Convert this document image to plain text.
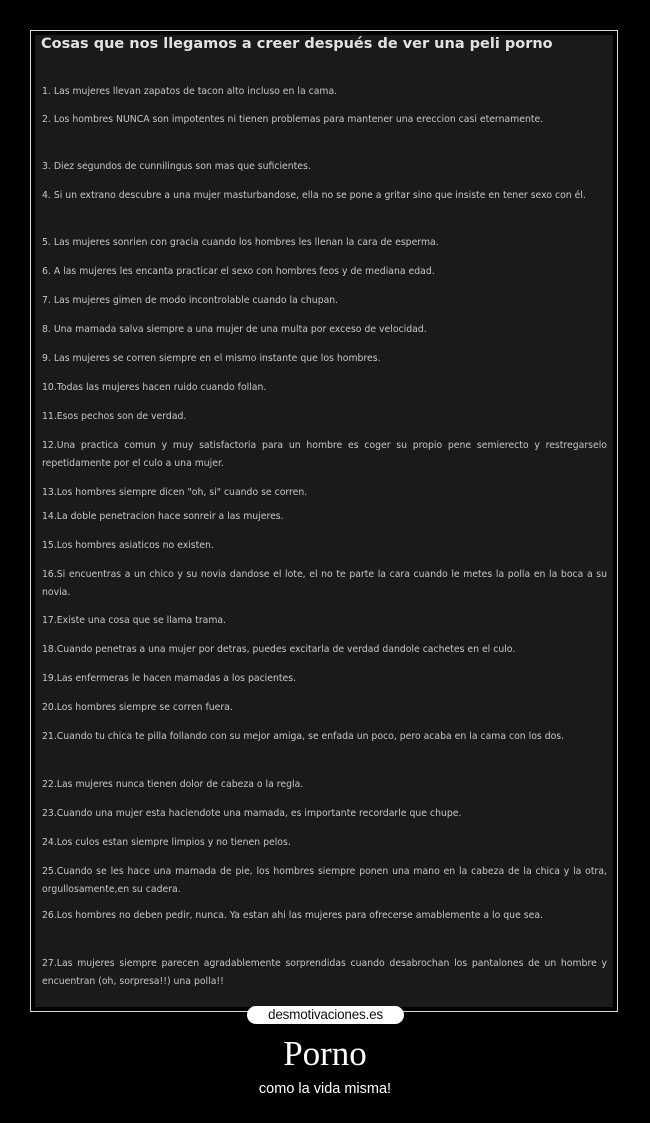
Cosas que nos llegamos a creer después de ver una peli porno
1. Las mujeres llevan zapatos de tacon alto incluso en la cama.
2. Los hombres NUNCA son impotentes ni tienen problemas para mantener una ereccion casi eternamente.
3. Diez segundos de cunnilingus son mas que suficientes.
4. Si un extrano descubre a una mujer masturbandose, ella no se pone a gritar sino que insiste en tener sexo con él.
5. Las mujeres sonrien con gracia cuando los hombres les llenan la cara de esperma.
6. A las mujeres les encanta practicar el sexo con hombres feos y de mediana edad.
7. Las mujeres gimen de modo incontrolable cuando la chupan.
8. Una mamada salva siempre a una mujer de una multa por exceso de velocidad.
9. Las mujeres se corren siempre en el mismo instante que los hombres.
10.Todas las mujeres hacen ruido cuando follan.
11.Esos pechos son de verdad.
12.Una practica comun y muy satisfactoria para un hombre es coger su propio pene semierecto y restregarselo repetidamente por el culo a una mujer.
13.Los hombres siempre dicen "oh, si" cuando se corren.
14.La doble penetracion hace sonreir a las mujeres.
15.Los hombres asiaticos no existen.
16.Si encuentras a un chico y su novia dandose el lote, el no te parte la cara cuando le metes la polla en la boca a su novia.
17.Existe una cosa que se llama trama.
18.Cuando penetras a una mujer por detras, puedes excitarla de verdad dandole cachetes en el culo.
19.Las enfermeras le hacen mamadas a los pacientes.
20.Los hombres siempre se corren fuera.
21.Cuando tu chica te pilla follando con su mejor amiga, se enfada un poco, pero acaba en la cama con los dos.
22.Las mujeres nunca tienen dolor de cabeza o la regla.
23.Cuando una mujer esta haciendote una mamada, es importante recordarle que chupe.
24.Los culos estan siempre limpios y no tienen pelos.
25.Cuando se les hace una mamada de pie, los hombres siempre ponen una mano en la cabeza de la chica y la otra, orgullosamente,en su cadera.
26.Los hombres no deben pedir, nunca. Ya estan ahi las mujeres para ofrecerse amablemente a lo que sea.
27.Las mujeres siempre parecen agradablemente sorprendidas cuando desabrochan los pantalones de un hombre y encuentran (oh, sorpresa!!) una polla!!
desmotivaciones.es
Porno
como la vida misma!
